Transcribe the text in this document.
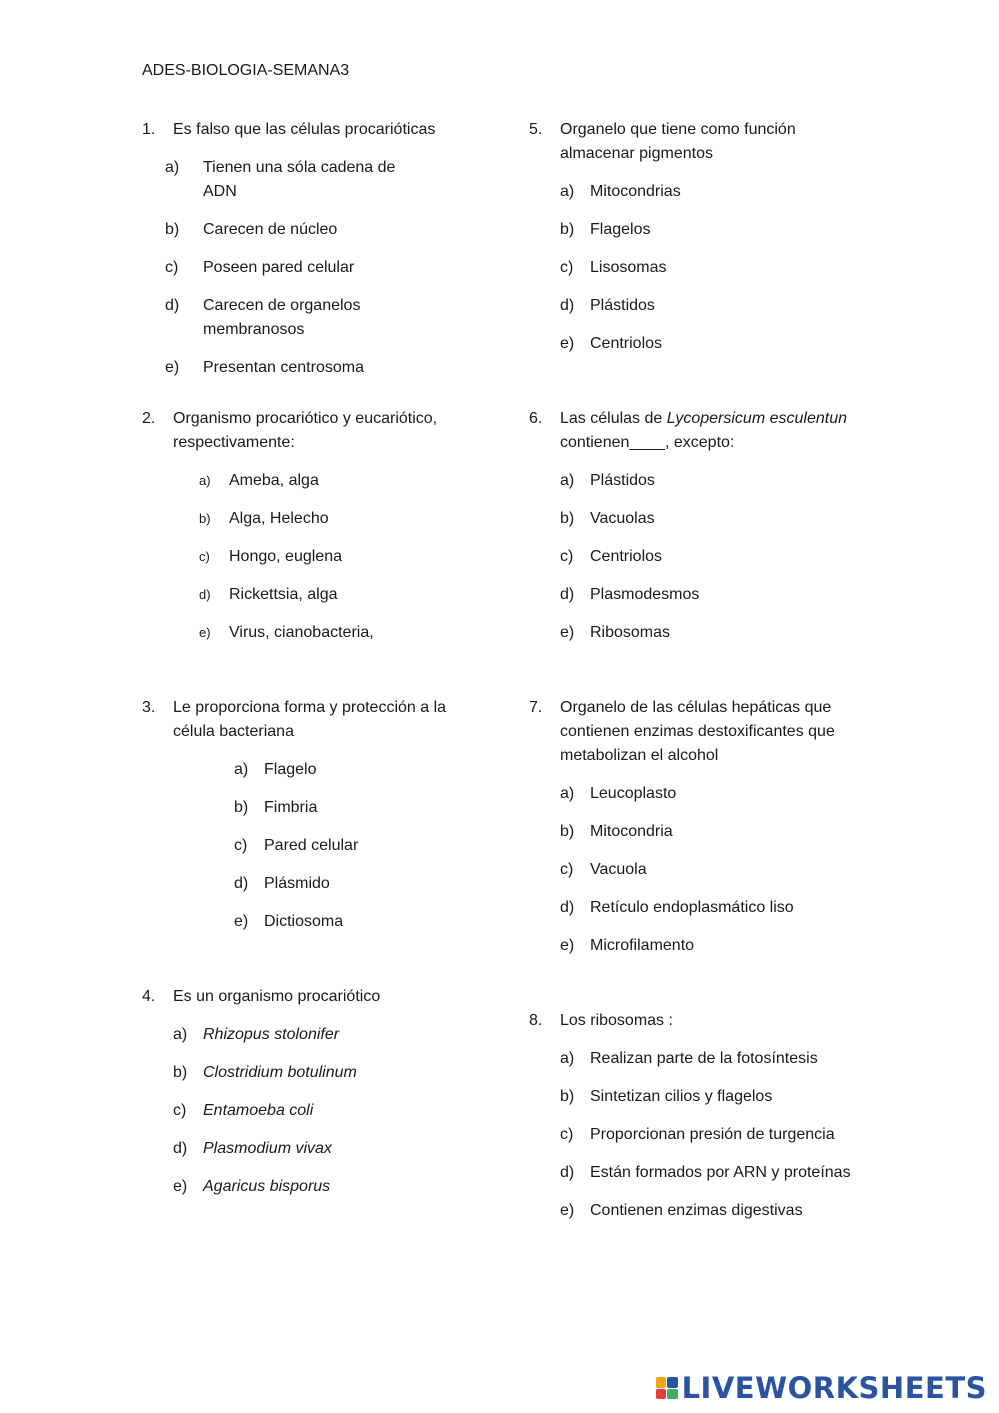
ADES-BIOLOGIA-SEMANA3
1. Es falso que las células procarióticas
a) Tienen una sóla cadena de ADN
b) Carecen de núcleo
c) Poseen pared celular
d) Carecen de organelos membranosos
e) Presentan centrosoma
2. Organismo procariótico y eucariótico, respectivamente:
a) Ameba, alga
b) Alga, Helecho
c) Hongo, euglena
d) Rickettsia, alga
e) Virus, cianobacteria,
3. Le proporciona forma y protección a la célula bacteriana
a) Flagelo
b) Fimbria
c) Pared celular
d) Plásmido
e) Dictiosoma
4. Es un organismo procariótico
a) Rhizopus stolonifer
b) Clostridium botulinum
c) Entamoeba coli
d) Plasmodium vivax
e) Agaricus bisporus
5. Organelo que tiene como función almacenar pigmentos
a) Mitocondrias
b) Flagelos
c) Lisosomas
d) Plástidos
e) Centriolos
6. Las células de Lycopersicum esculentun contienen____, excepto:
a) Plástidos
b) Vacuolas
c) Centriolos
d) Plasmodesmos
e) Ribosomas
7. Organelo de las células hepáticas que contienen enzimas destoxificantes que metabolizan el alcohol
a) Leucoplasto
b) Mitocondria
c) Vacuola
d) Retículo endoplasmático liso
e) Microfilamento
8. Los ribosomas :
a) Realizan parte de la fotosíntesis
b) Sintetizan cilios y flagelos
c) Proporcionan presión de turgencia
d) Están formados por ARN y proteínas
e) Contienen enzimas digestivas
LIVEWORKSHEETS
